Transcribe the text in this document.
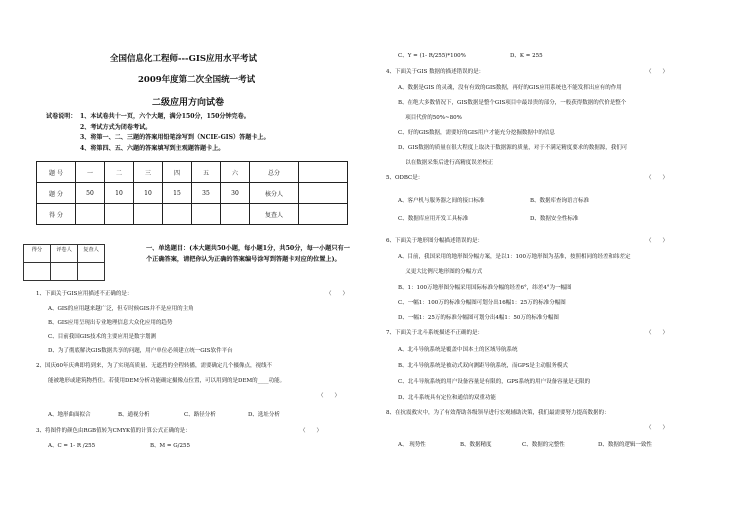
全国信息化工程师---GIS应用水平考试
2009年度第二次全国统一考试
二级应用方向试卷
试卷说明： 1、本试卷共十一页，六个大题，满分150分，150分钟完卷。
2、考试方式为闭卷考试。
3、将第一、二、三题的答案用铅笔涂写到（NCIE-GIS）答题卡上。
4、将第四、五、六题的答案填写到主观题答题卡上。
题 号	一	二	三	四	五	六	总分	
题 分	50	10	10	15	35	30	核分人	
得 分							复查人	
得分	评卷人	复查人
			一、单选题目：(本大题共50小题，每小题1分，共50分，每一小题只有一个正确答案，请把你认为正确的答案编号涂写到答题卡对应的位置上)。
1、下面关于GIS应用描述不正确的是：	（　　）
A、GIS的应用越来越广泛，但专时候GIS并不是应用的主角
B、GIS应用呈现出专业地理信息大众化应用的趋势
C、目前我国GIS技术的主要应用是数字划测
D、为了彻底解决GIS数据共享的问题，用户单位必须建立统一GIS软件平台
2、国庆60年庆典即将到来，为了实现高质量、无遮挡的全程转播，需要确定几个摄像点，视线不
能被地形或建筑物挡住。若使用DEM分析功能确定摄像点位置，可以用到的是DEM的____功能。
（　　）
A、地形曲面拟合	B、通视分析	C、路径分析	D、选址分析
3、将图件的颜色由RGB值转为CMYK值的计算公式正确的是：	（　　）
A、C = 1- R /255	B、M = G/255
C、Y = (1- R/255)*100%	D、K = 255
4、下面关于GIS 数据的描述错误的是：	（　　）
A、数据是GIS 的灵魂，没有有效的GIS数据，再好的GIS应用系统也不能发挥出应有的作用
B、在绝大多数情况下，GIS数据是整个GIS项目中最昂贵的部分，一般获得数据的代价是整个
　 项目代价的50%~80%
C、好的GIS数据，需要好的GIS用户才能充分挖掘数据中的信息
D、GIS数据的质量在很大程度上取决于数据源的质量，对于不满足精度要求的数据源，我们可
　 以在数据采集后进行高精度误差校正
5、ODBC是：	（　　）
A、客户机与服务器之间的接口标准	B、数据库查询语言标准
C、数据库应用开发工具标准	D、数据安全性标准
6、下面关于地形图分幅描述错误的是：	（　　）
A、目前，我国采用的地形图分幅方案，是以1：100万地形图为基准，按照相同的经差和纬差定
　 义更大比例尺地形图的分幅方式
B、1：100万地形图分幅采用国际标准分幅的经差6°，纬差4°为一幅图
C、一幅1：100万的标准分幅图可划分出16幅1：25万的标准分幅图
D、一幅1：25万的标准分幅图可划分出4幅1：50万的标准分幅图
7、下面关于北斗系统描述不正确的是：	（　　）
A、北斗导航系统是覆盖中国本土的区域导航系统
B、北斗导航系统是被动式双向测距导航系统，而GPS是主动服务模式
C、北斗导航系统的用户设备容量是有限的，GPS系统的用户设备容量是无限的
D、北斗系统具有定位和通信的双重功能
8、在抗震救灾中，为了有效帮助各级领导进行宏观辅助决策，我们最需要努力提高数据的：
（　　）
A、 现势性	B、数据精度	C、数据的完整性	D、数据的逻辑一致性
